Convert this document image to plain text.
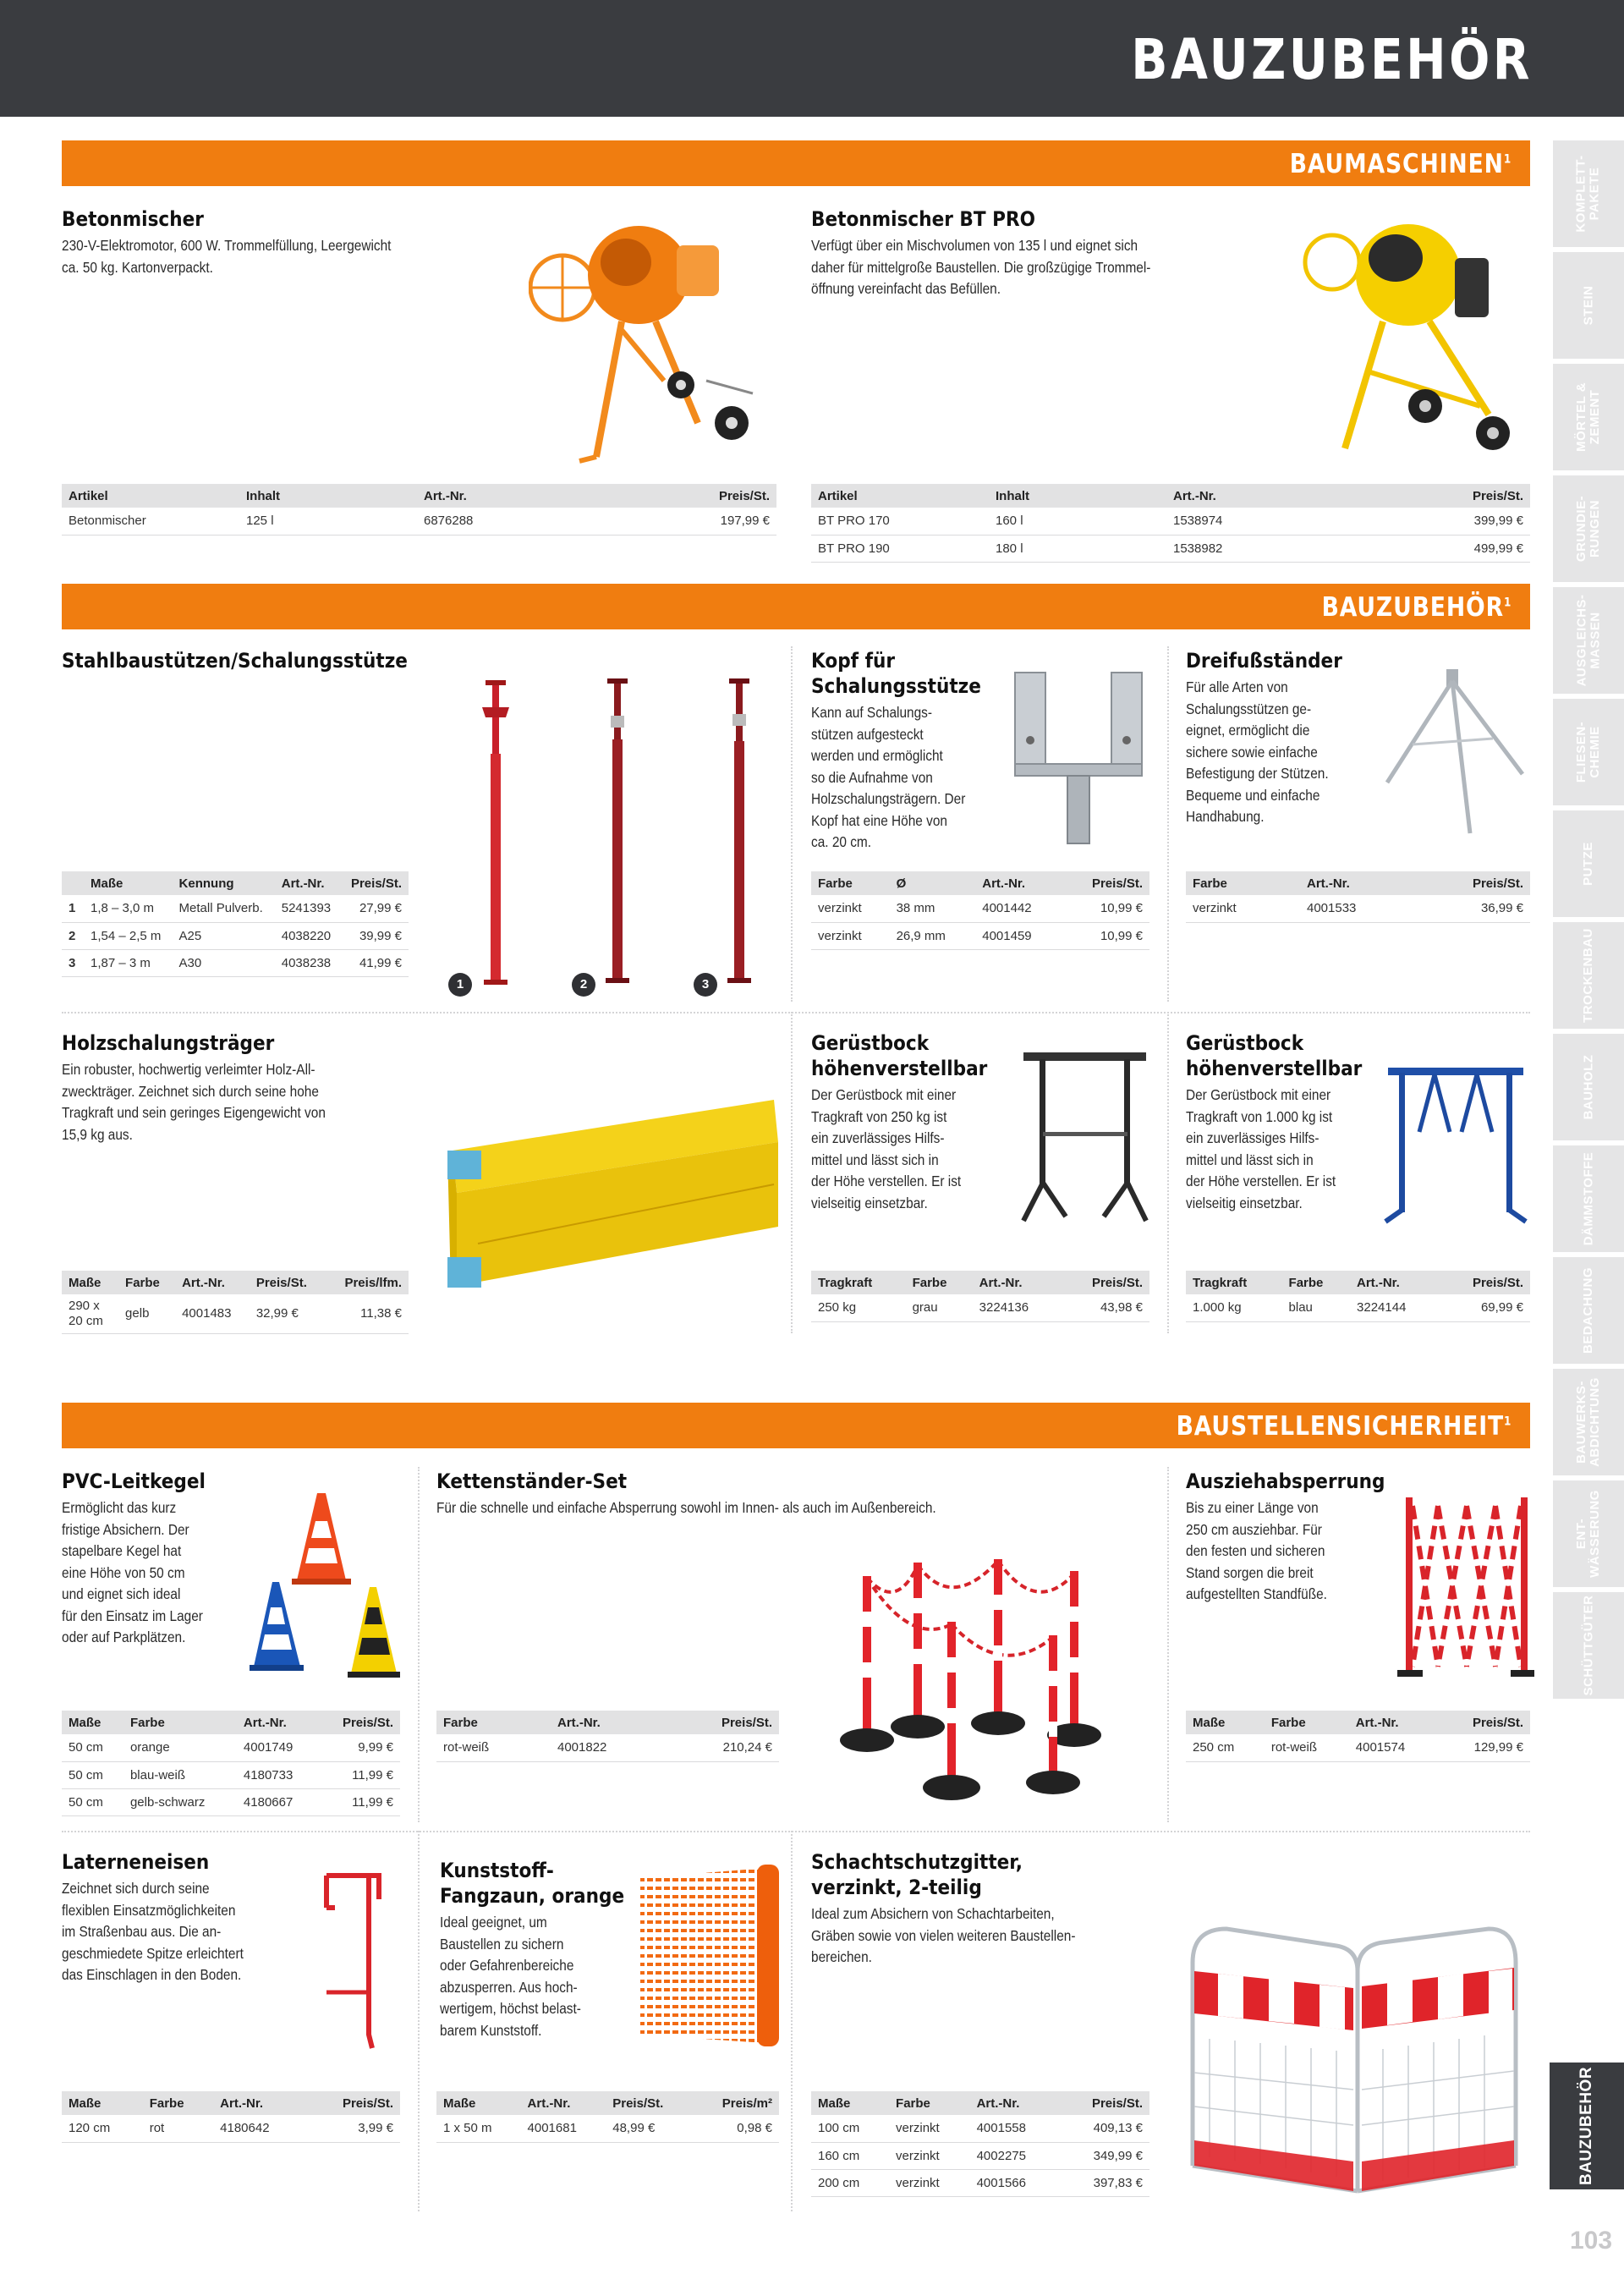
BAUZUBEHÖR
KOMPLETT-
PAKETE
STEIN
MÖRTEL &
ZEMENT
GRUNDIE-
RUNGEN
AUSGLEICHS-
MASSEN
FLIESEN-
CHEMIE
PUTZE
TROCKENBAU
BAUHOLZ
DÄMMSTOFFE
BEDACHUNG
BAUWERKS-
ABDICHTUNG
ENT-
WÄSSERUNG
SCHÜTTGÜTER
BAUZUBEHÖR
103
BAUMASCHINEN$^1$
Betonmischer
230-V-Elektromotor, 600 W. Trommelfüllung, Leergewicht
ca. 50 kg. Kartonverpackt.
Artikel	Inhalt	Art.-Nr.	Preis/St.
Betonmischer	125 l	6876288	197,99 €
Betonmischer BT PRO
Verfügt über ein Mischvolumen von 135 l und eignet sich
daher für mittelgroße Baustellen. Die großzügige Trommel-
öffnung vereinfacht das Befüllen.
Artikel	Inhalt	Art.-Nr.	Preis/St.
BT PRO 170	160 l	1538974	399,99 €
BT PRO 190	180 l	1538982	499,99 €
BAUZUBEHÖR$^1$
Stahlbaustützen/Schalungsstütze
1	2	3
	Maße	Kennung	Art.-Nr.	Preis/St.
1	1,8 – 3,0 m	Metall Pulverb.	5241393	27,99 €
2	1,54 – 2,5 m	A25	4038220	39,99 €
3	1,87 – 3 m	A30	4038238	41,99 €
Kopf für
Schalungsstütze
Kann auf Schalungs-
stützen aufgesteckt
werden und ermöglicht
so die Aufnahme von
Holzschalungsträgern. Der
Kopf hat eine Höhe von
ca. 20 cm.
Farbe	Ø	Art.-Nr.	Preis/St.
verzinkt	38 mm	4001442	10,99 €
verzinkt	26,9 mm	4001459	10,99 €
Dreifußständer
Für alle Arten von
Schalungsstützen ge-
eignet, ermöglicht die
sichere sowie einfache
Befestigung der Stützen.
Bequeme und einfache
Handhabung.
Farbe	Art.-Nr.	Preis/St.
verzinkt	4001533	36,99 €
Holzschalungsträger
Ein robuster, hochwertig verleimter Holz-All-
zweckträger. Zeichnet sich durch seine hohe
Tragkraft und sein geringes Eigengewicht von
15,9 kg aus.
Maße	Farbe	Art.-Nr.	Preis/St.	Preis/lfm.
290 x
20 cm	gelb	4001483	32,99 €	11,38 €
Gerüstbock
höhenverstellbar
Der Gerüstbock mit einer
Tragkraft von 250 kg ist
ein zuverlässiges Hilfs-
mittel und lässt sich in
der Höhe verstellen. Er ist
vielseitig einsetzbar.
Tragkraft	Farbe	Art.-Nr.	Preis/St.
250 kg	grau	3224136	43,98 €
Gerüstbock
höhenverstellbar
Der Gerüstbock mit einer
Tragkraft von 1.000 kg ist
ein zuverlässiges Hilfs-
mittel und lässt sich in
der Höhe verstellen. Er ist
vielseitig einsetzbar.
Tragkraft	Farbe	Art.-Nr.	Preis/St.
1.000 kg	blau	3224144	69,99 €
BAUSTELLENSICHERHEIT$^1$
PVC-Leitkegel
Ermöglicht das kurz
fristige Absichern. Der
stapelbare Kegel hat
eine Höhe von 50 cm
und eignet sich ideal
für den Einsatz im Lager
oder auf Parkplätzen.
Maße	Farbe	Art.-Nr.	Preis/St.
50 cm	orange	4001749	9,99 €
50 cm	blau-weiß	4180733	11,99 €
50 cm	gelb-schwarz	4180667	11,99 €
Kettenständer-Set
Für die schnelle und einfache Absperrung sowohl im Innen- als auch im Außenbereich.
Farbe	Art.-Nr.	Preis/St.
rot-weiß	4001822	210,24 €
Ausziehabsperrung
Bis zu einer Länge von
250 cm ausziehbar. Für
den festen und sicheren
Stand sorgen die breit
aufgestellten Standfüße.
Maße	Farbe	Art.-Nr.	Preis/St.
250 cm	rot-weiß	4001574	129,99 €
Laterneneisen
Zeichnet sich durch seine
flexiblen Einsatzmöglichkeiten
im Straßenbau aus. Die an-
geschmiedete Spitze erleichtert
das Einschlagen in den Boden.
Maße	Farbe	Art.-Nr.	Preis/St.
120 cm	rot	4180642	3,99 €
Kunststoff-
Fangzaun, orange
Ideal geeignet, um
Baustellen zu sichern
oder Gefahrenbereiche
abzusperren. Aus hoch-
wertigem, höchst belast-
barem Kunststoff.
Maße	Art.-Nr.	Preis/St.	Preis/m²
1 x 50 m	4001681	48,99 €	0,98 €
Schachtschutzgitter,
verzinkt, 2-teilig
Ideal zum Absichern von Schachtarbeiten,
Gräben sowie von vielen weiteren Baustellen-
bereichen.
Maße	Farbe	Art.-Nr.	Preis/St.
100 cm	verzinkt	4001558	409,13 €
160 cm	verzinkt	4002275	349,99 €
200 cm	verzinkt	4001566	397,83 €
